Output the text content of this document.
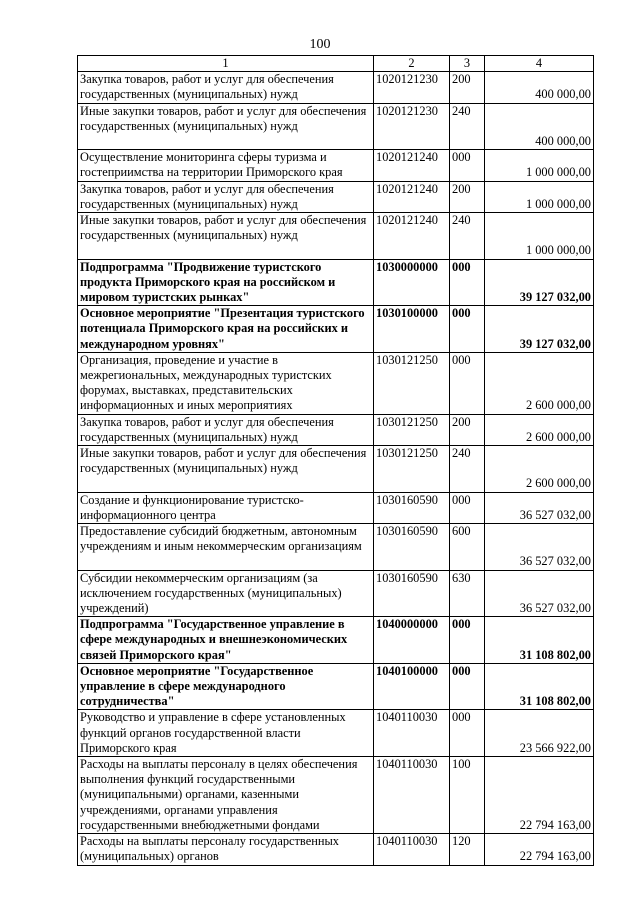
100
1	2	3	4
Закупка товаров, работ и услуг для обеспечения государственных (муниципальных) нужд	1020121230	200	400 000,00
Иные закупки товаров, работ и услуг для обеспечения государственных (муниципальных) нужд	1020121230	240	400 000,00
Осуществление мониторинга сферы туризма и гостеприимства на территории Приморского края	1020121240	000	1 000 000,00
Закупка товаров, работ и услуг для обеспечения государственных (муниципальных) нужд	1020121240	200	1 000 000,00
Иные закупки товаров, работ и услуг для обеспечения государственных (муниципальных) нужд	1020121240	240	1 000 000,00
Подпрограмма "Продвижение туристского продукта Приморского края на российском и мировом туристских рынках"	1030000000	000	39 127 032,00
Основное мероприятие "Презентация туристского потенциала Приморского края на российских и международном уровнях"	1030100000	000	39 127 032,00
Организация, проведение и участие в межрегиональных, международных туристских форумах, выставках, представительских информационных и иных мероприятиях	1030121250	000	2 600 000,00
Закупка товаров, работ и услуг для обеспечения государственных (муниципальных) нужд	1030121250	200	2 600 000,00
Иные закупки товаров, работ и услуг для обеспечения государственных (муниципальных) нужд	1030121250	240	2 600 000,00
Создание и функционирование туристско-информационного центра	1030160590	000	36 527 032,00
Предоставление субсидий бюджетным, автономным учреждениям и иным некоммерческим организациям	1030160590	600	36 527 032,00
Субсидии некоммерческим организациям (за исключением государственных (муниципальных) учреждений)	1030160590	630	36 527 032,00
Подпрограмма "Государственное управление в сфере международных и внешнеэкономических связей Приморского края"	1040000000	000	31 108 802,00
Основное мероприятие "Государственное управление в сфере международного сотрудничества"	1040100000	000	31 108 802,00
Руководство и управление в сфере установленных функций органов государственной власти Приморского края	1040110030	000	23 566 922,00
Расходы на выплаты персоналу в целях обеспечения выполнения функций государственными (муниципальными) органами, казенными учреждениями, органами управления государственными внебюджетными фондами	1040110030	100	22 794 163,00
Расходы на выплаты персоналу государственных (муниципальных) органов	1040110030	120	22 794 163,00
